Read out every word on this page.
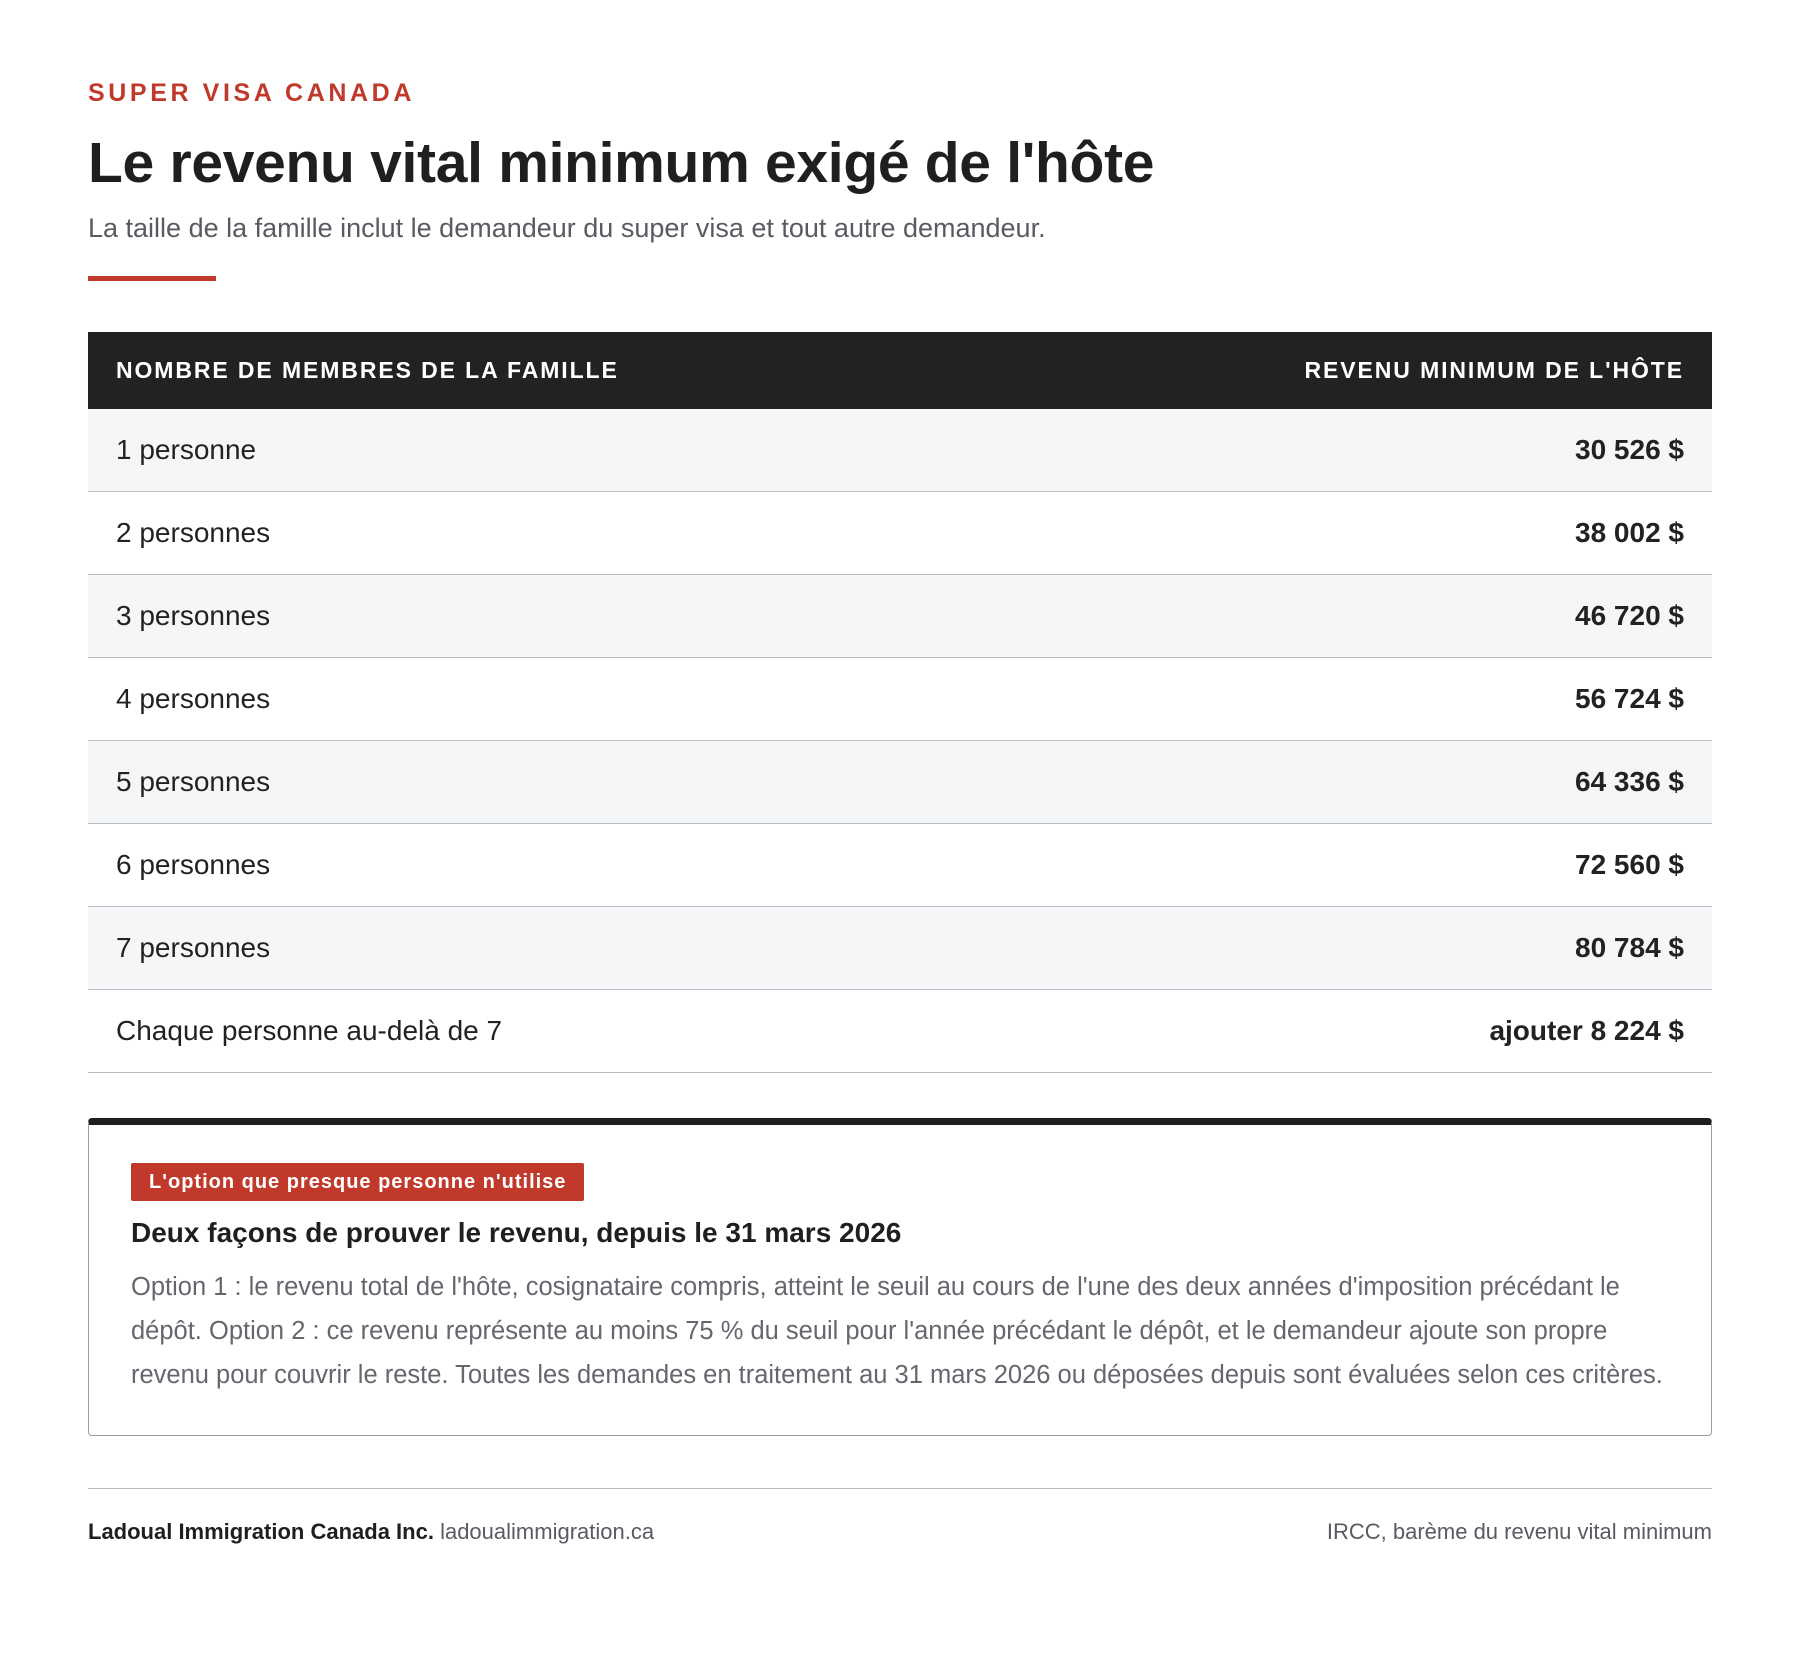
SUPER VISA CANADA
Le revenu vital minimum exigé de l'hôte
La taille de la famille inclut le demandeur du super visa et tout autre demandeur.
NOMBRE DE MEMBRES DE LA FAMILLE	REVENU MINIMUM DE L'HÔTE
1 personne	30 526 $
2 personnes	38 002 $
3 personnes	46 720 $
4 personnes	56 724 $
5 personnes	64 336 $
6 personnes	72 560 $
7 personnes	80 784 $
Chaque personne au-delà de 7	ajouter 8 224 $
L'option que presque personne n'utilise
Deux façons de prouver le revenu, depuis le 31 mars 2026
Option 1 : le revenu total de l'hôte, cosignataire compris, atteint le seuil au cours de l'une des deux années d'imposition précédant le dépôt. Option 2 : ce revenu représente au moins 75 % du seuil pour l'année précédant le dépôt, et le demandeur ajoute son propre revenu pour couvrir le reste. Toutes les demandes en traitement au 31 mars 2026 ou déposées depuis sont évaluées selon ces critères.
Ladoual Immigration Canada Inc. ladoualimmigration.ca	IRCC, barème du revenu vital minimum
